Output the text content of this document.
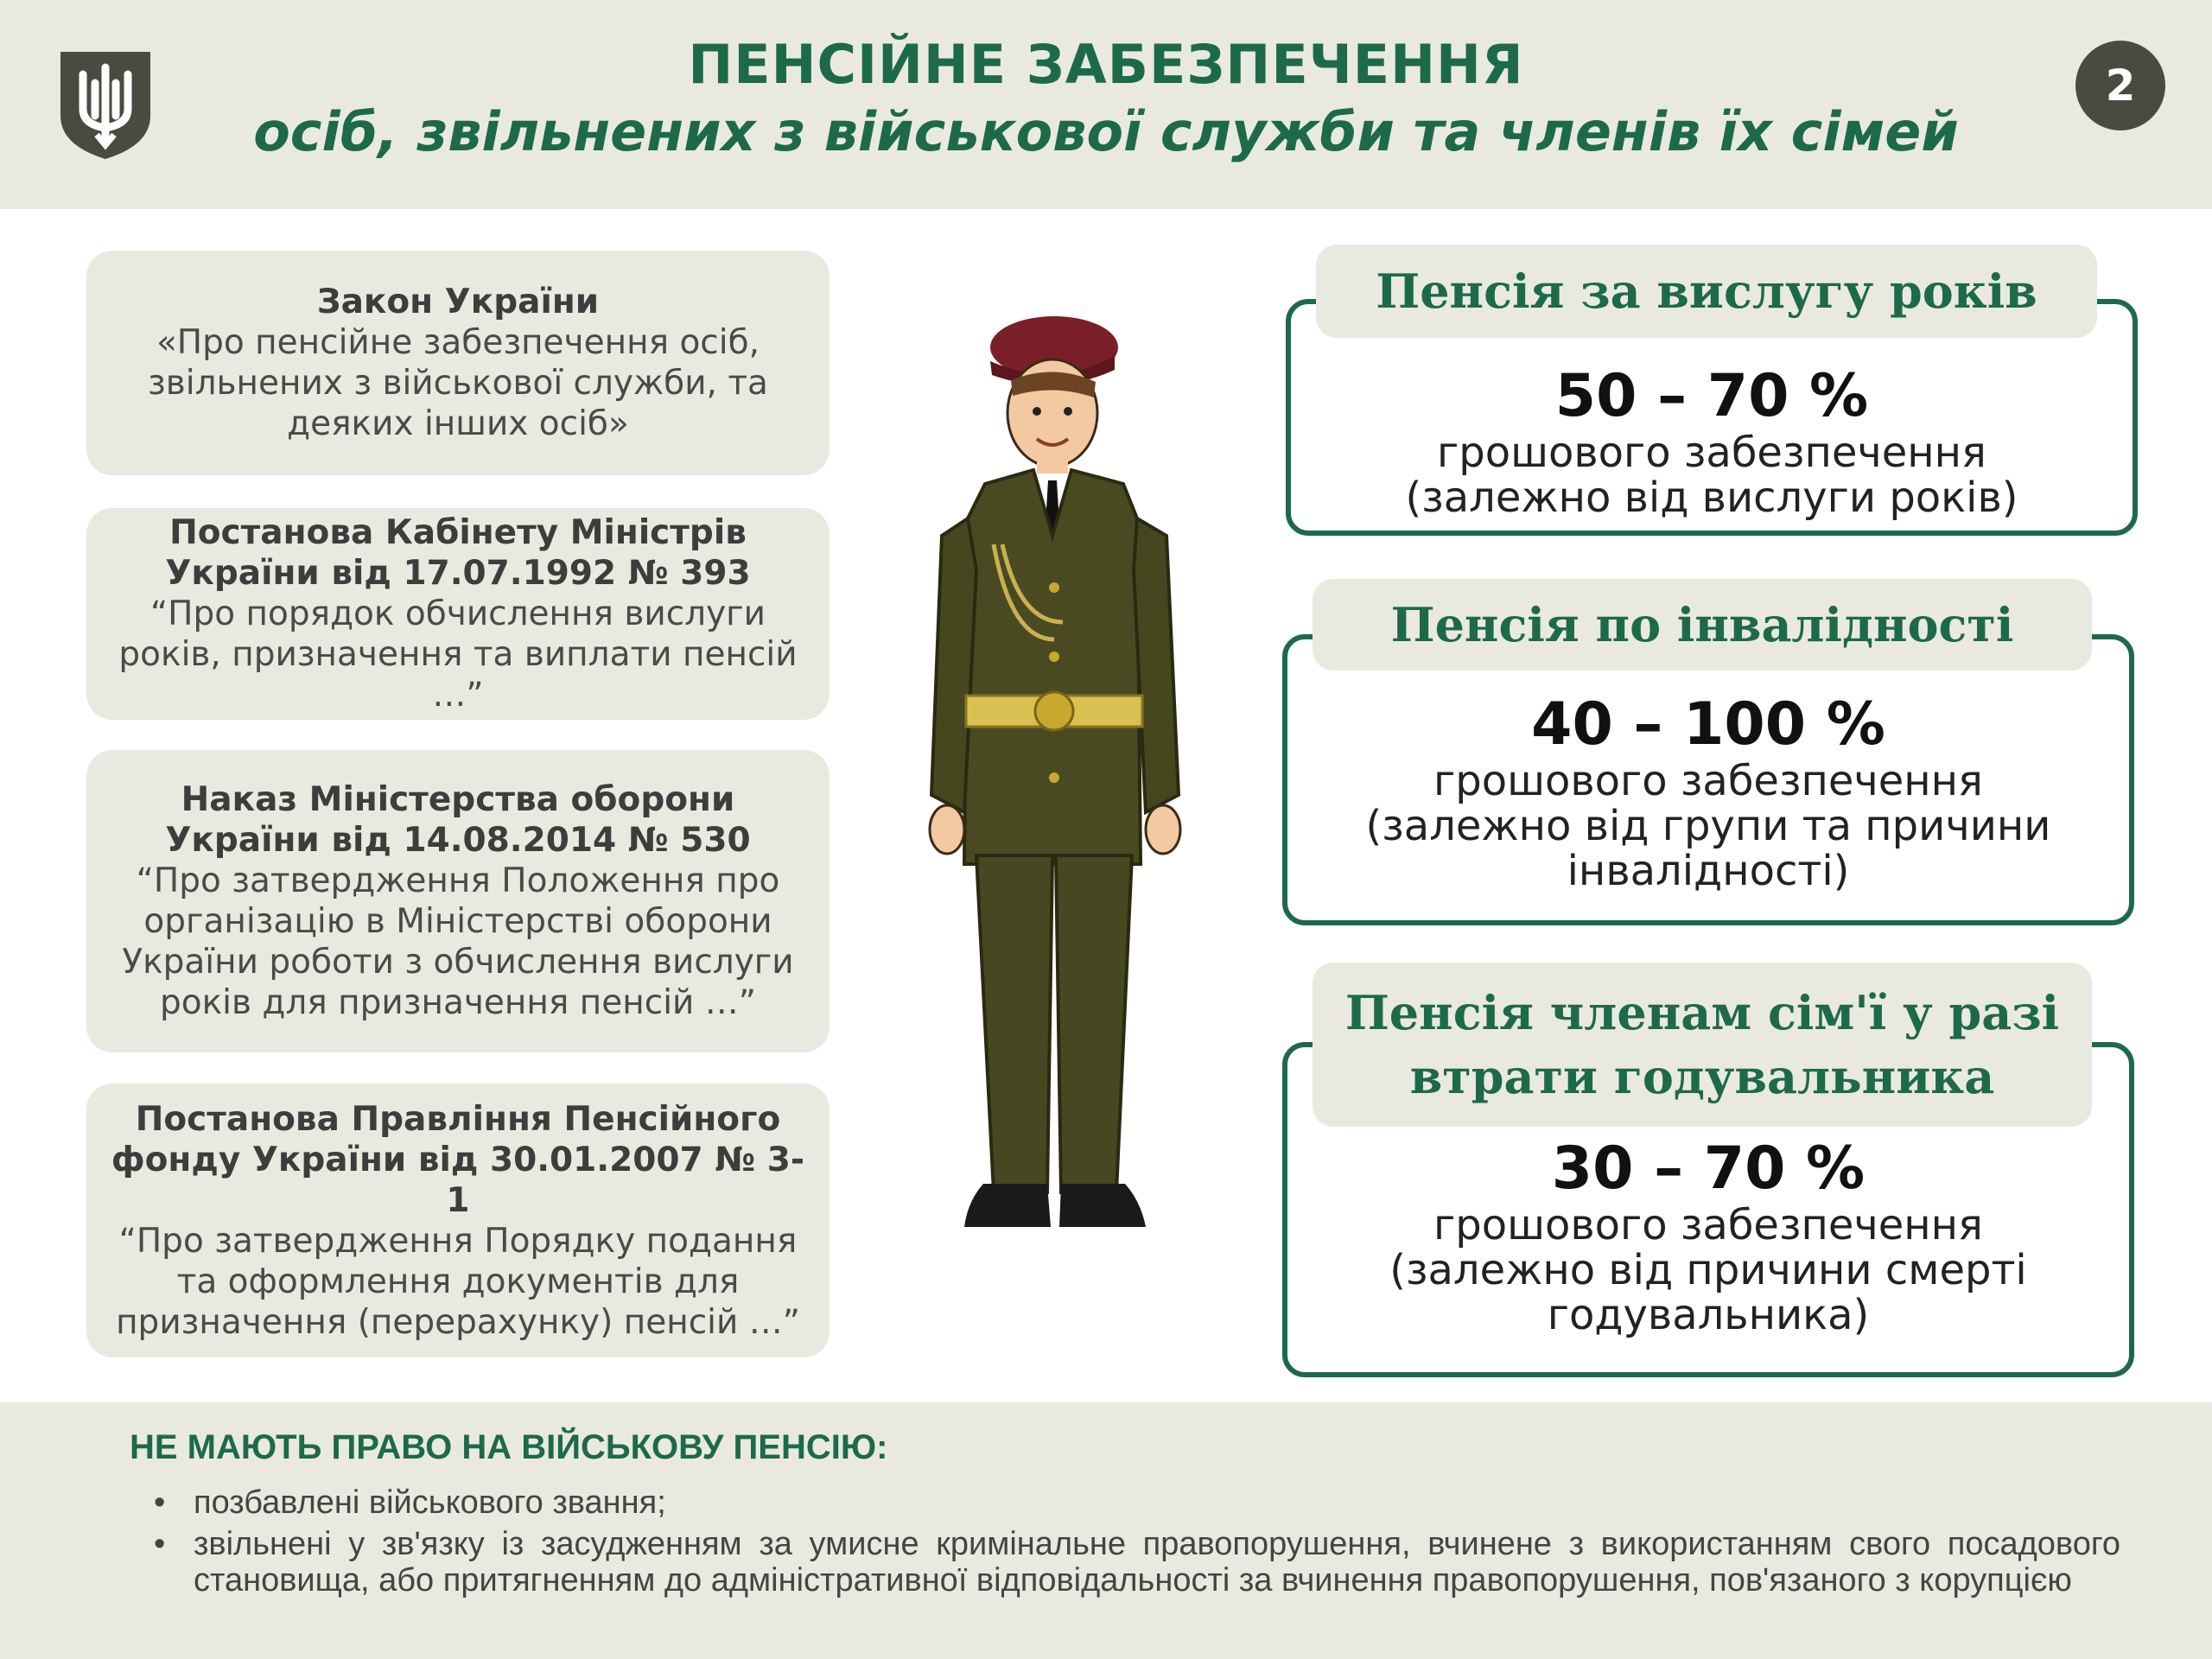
ПЕНСІЙНЕ ЗАБЕЗПЕЧЕННЯ
осіб, звільнених з військової служби та членів їх сімей
2
Закон України
«Про пенсійне забезпечення осіб, звільнених з військової служби, та деяких інших осіб»
Постанова Кабінету Міністрів України від 17.07.1992 № 393
“Про порядок обчислення вислуги років, призначення та виплати пенсій …”
Наказ Міністерства оборони України від 14.08.2014 № 530
“Про затвердження Положення про організацію в Міністерстві оборони України роботи з обчислення вислуги років для призначення пенсій …”
Постанова Правління Пенсійного фонду України від 30.01.2007 № 3-1
“Про затвердження Порядку подання та оформлення документів для призначення (перерахунку) пенсій …”
50 – 70 %
грошового забезпечення
(залежно від вислуги років)
Пенсія за вислугу років
40 – 100 %
грошового забезпечення
(залежно від групи та причини
інвалідності)
Пенсія по інвалідності
30 – 70 %
грошового забезпечення
(залежно від причини смерті
годувальника)
Пенсія членам сім'ї у разі
втрати годувальника
НЕ МАЮТЬ ПРАВО НА ВІЙСЬКОВУ ПЕНСІЮ:
• позбавлені військового звання;
• звільнені у зв'язку із засудженням за умисне кримінальне правопорушення, вчинене з використанням свого посадового становища, або притягненням до адміністративної відповідальності за вчинення правопорушення, пов'язаного з корупцією
